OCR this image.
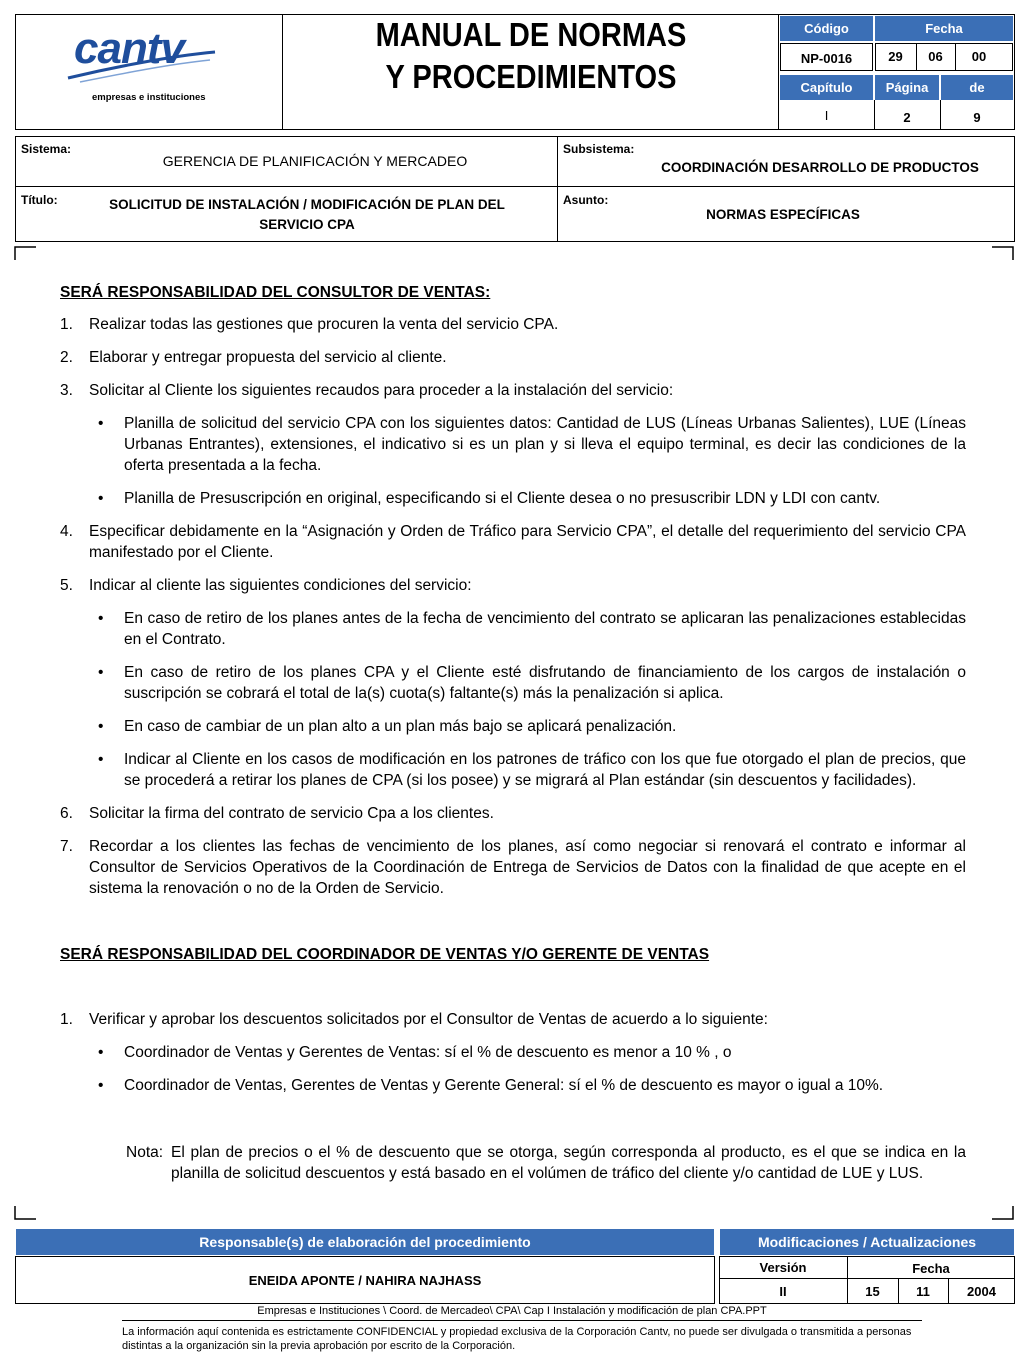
cantv
empresas e instituciones
MANUAL DE NORMAS
Y PROCEDIMIENTOS
Código	Fecha
NP-0016	29	06	00
Capítulo	Página	de
I	2	9
Sistema:
GERENCIA DE PLANIFICACIÓN Y MERCADEO
Subsistema:
COORDINACIÓN DESARROLLO DE PRODUCTOS
Título:	SOLICITUD DE INSTALACIÓN / MODIFICACIÓN DE PLAN DEL
SERVICIO CPA
Asunto:
NORMAS ESPECÍFICAS
SERÁ RESPONSABILIDAD DEL CONSULTOR DE VENTAS:
1. Realizar todas las gestiones que procuren la venta del servicio CPA.
2. Elaborar y entregar propuesta del servicio al cliente.
3. Solicitar al Cliente los siguientes recaudos para proceder a la instalación del servicio:
• Planilla de solicitud del servicio CPA con los siguientes datos: Cantidad de LUS (Líneas Urbanas Salientes), LUE (Líneas Urbanas Entrantes), extensiones, el indicativo si es un plan y si lleva el equipo terminal, es decir las condiciones de la oferta presentada a la fecha.
• Planilla de Presuscripción en original, especificando si el Cliente desea o no presuscribir LDN y LDI con cantv.
4. Especificar debidamente en la “Asignación y Orden de Tráfico para Servicio CPA”, el detalle del requerimiento del servicio CPA manifestado por el Cliente.
5. Indicar al cliente las siguientes condiciones del servicio:
• En caso de retiro de los planes antes de la fecha de vencimiento del contrato se aplicaran las penalizaciones establecidas en el Contrato.
• En caso de retiro de los planes CPA y el Cliente esté disfrutando de financiamiento de los cargos de instalación o suscripción se cobrará el total de la(s) cuota(s) faltante(s) más la penalización si aplica.
• En caso de cambiar de un plan alto a un plan más bajo se aplicará penalización.
• Indicar al Cliente en los casos de modificación en los patrones de tráfico con los que fue otorgado el plan de precios, que se procederá a retirar los planes de CPA (si los posee) y se migrará al Plan estándar (sin descuentos y facilidades).
6. Solicitar la firma del contrato de servicio Cpa a los clientes.
7. Recordar a los clientes las fechas de vencimiento de los planes, así como negociar si renovará el contrato e informar al Consultor de Servicios Operativos de la Coordinación de Entrega de Servicios de Datos con la finalidad de que acepte en el sistema la renovación o no de la Orden de Servicio.
SERÁ RESPONSABILIDAD DEL COORDINADOR DE VENTAS Y/O GERENTE DE VENTAS
1. Verificar y aprobar los descuentos solicitados por el Consultor de Ventas de acuerdo a lo siguiente:
• Coordinador de Ventas y Gerentes de Ventas: sí el % de descuento es menor a 10 % , o
• Coordinador de Ventas, Gerentes de Ventas y Gerente General: sí el % de descuento es mayor o igual a 10%.
Nota: El plan de precios o el % de descuento que se otorga, según corresponda al producto, es el que se indica en la planilla de solicitud descuentos y está basado en el volúmen de tráfico del cliente y/o cantidad de LUE y LUS.
Responsable(s) de elaboración del procedimiento	Modificaciones / Actualizaciones
ENEIDA APONTE / NAHIRA NAJHASS
Versión	Fecha
II	15	11	2004
Empresas e Instituciones \ Coord. de Mercadeo\ CPA\ Cap I Instalación y modificación de plan CPA.PPT
La información aquí contenida es estrictamente CONFIDENCIAL y propiedad exclusiva de la Corporación Cantv, no puede ser divulgada o transmitida a personas distintas a la organización sin la previa aprobación por escrito de la Corporación.
